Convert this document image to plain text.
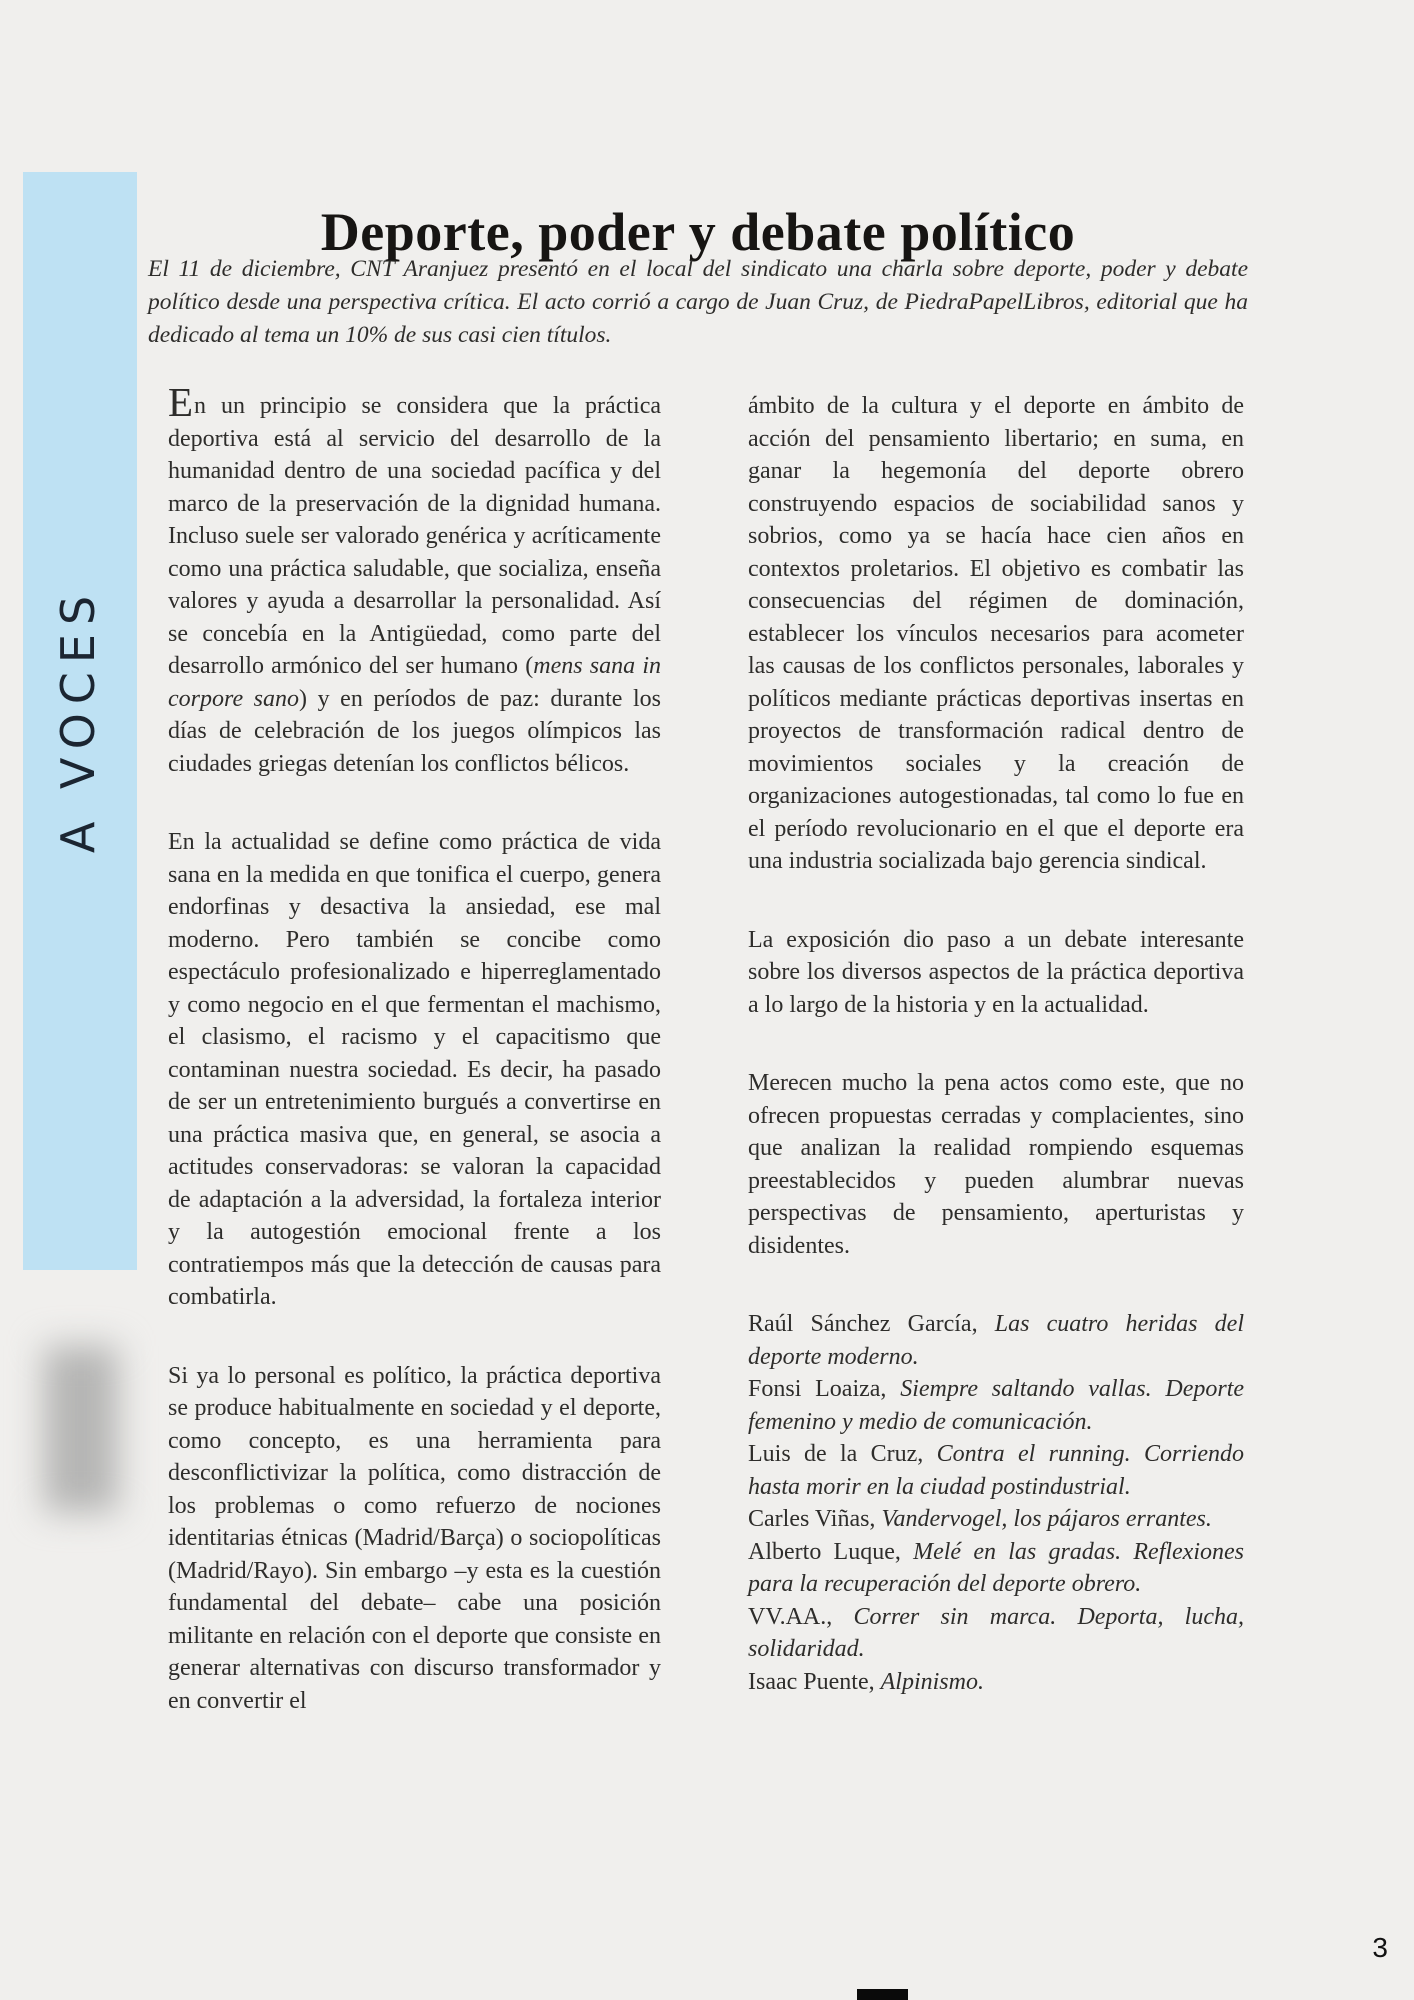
A VOCES
Deporte, poder y debate político
El 11 de diciembre, CNT Aranjuez presentó en el local del sindicato una charla sobre deporte, poder y debate político desde una perspectiva crítica. El acto corrió a cargo de Juan Cruz, de PiedraPapelLibros, editorial que ha dedicado al tema un 10% de sus casi cien títulos.

En un principio se considera que la práctica deportiva está al servicio del desarrollo de la humanidad dentro de una sociedad pacífica y del marco de la preservación de la dignidad humana. Incluso suele ser valorado genérica y acríticamente como una práctica saludable, que socializa, enseña valores y ayuda a desarrollar la personalidad. Así se concebía en la Antigüedad, como parte del desarrollo armónico del ser humano (mens sana in corpore sano) y en períodos de paz: durante los días de celebración de los juegos olímpicos las ciudades griegas detenían los conflictos bélicos.

En la actualidad se define como práctica de vida sana en la medida en que tonifica el cuerpo, genera endorfinas y desactiva la ansiedad, ese mal moderno. Pero también se concibe como espectáculo profesionalizado e hiperreglamentado y como negocio en el que fermentan el machismo, el clasismo, el racismo y el capacitismo que contaminan nuestra sociedad. Es decir, ha pasado de ser un entretenimiento burgués a convertirse en una práctica masiva que, en general, se asocia a actitudes conservadoras: se valoran la capacidad de adaptación a la adversidad, la fortaleza interior y la autogestión emocional frente a los contratiempos más que la detección de causas para combatirla.

Si ya lo personal es político, la práctica deportiva se produce habitualmente en sociedad y el deporte, como concepto, es una herramienta para desconflictivizar la política, como distracción de los problemas o como refuerzo de nociones identitarias étnicas (Madrid/Barça) o sociopolíticas (Madrid/Rayo). Sin embargo –y esta es la cuestión fundamental del debate– cabe una posición militante en relación con el deporte que consiste en generar alternativas con discurso transformador y en convertir el

ámbito de la cultura y el deporte en ámbito de acción del pensamiento libertario; en suma, en ganar la hegemonía del deporte obrero construyendo espacios de sociabilidad sanos y sobrios, como ya se hacía hace cien años en contextos proletarios. El objetivo es combatir las consecuencias del régimen de dominación, establecer los vínculos necesarios para acometer las causas de los conflictos personales, laborales y políticos mediante prácticas deportivas insertas en proyectos de transformación radical dentro de movimientos sociales y la creación de organizaciones autogestionadas, tal como lo fue en el período revolucionario en el que el deporte era una industria socializada bajo gerencia sindical.

La exposición dio paso a un debate interesante sobre los diversos aspectos de la práctica deportiva a lo largo de la historia y en la actualidad.

Merecen mucho la pena actos como este, que no ofrecen propuestas cerradas y complacientes, sino que analizan la realidad rompiendo esquemas preestablecidos y pueden alumbrar nuevas perspectivas de pensamiento, aperturistas y disidentes.

Raúl Sánchez García, Las cuatro heridas del deporte moderno.

Fonsi Loaiza, Siempre saltando vallas. Deporte femenino y medio de comunicación.

Luis de la Cruz, Contra el running. Corriendo hasta morir en la ciudad postindustrial.

Carles Viñas, Vandervogel, los pájaros errantes.

Alberto Luque, Melé en las gradas. Reflexiones para la recuperación del deporte obrero.

VV.AA., Correr sin marca. Deporta, lucha, solidaridad.

Isaac Puente, Alpinismo.

3
